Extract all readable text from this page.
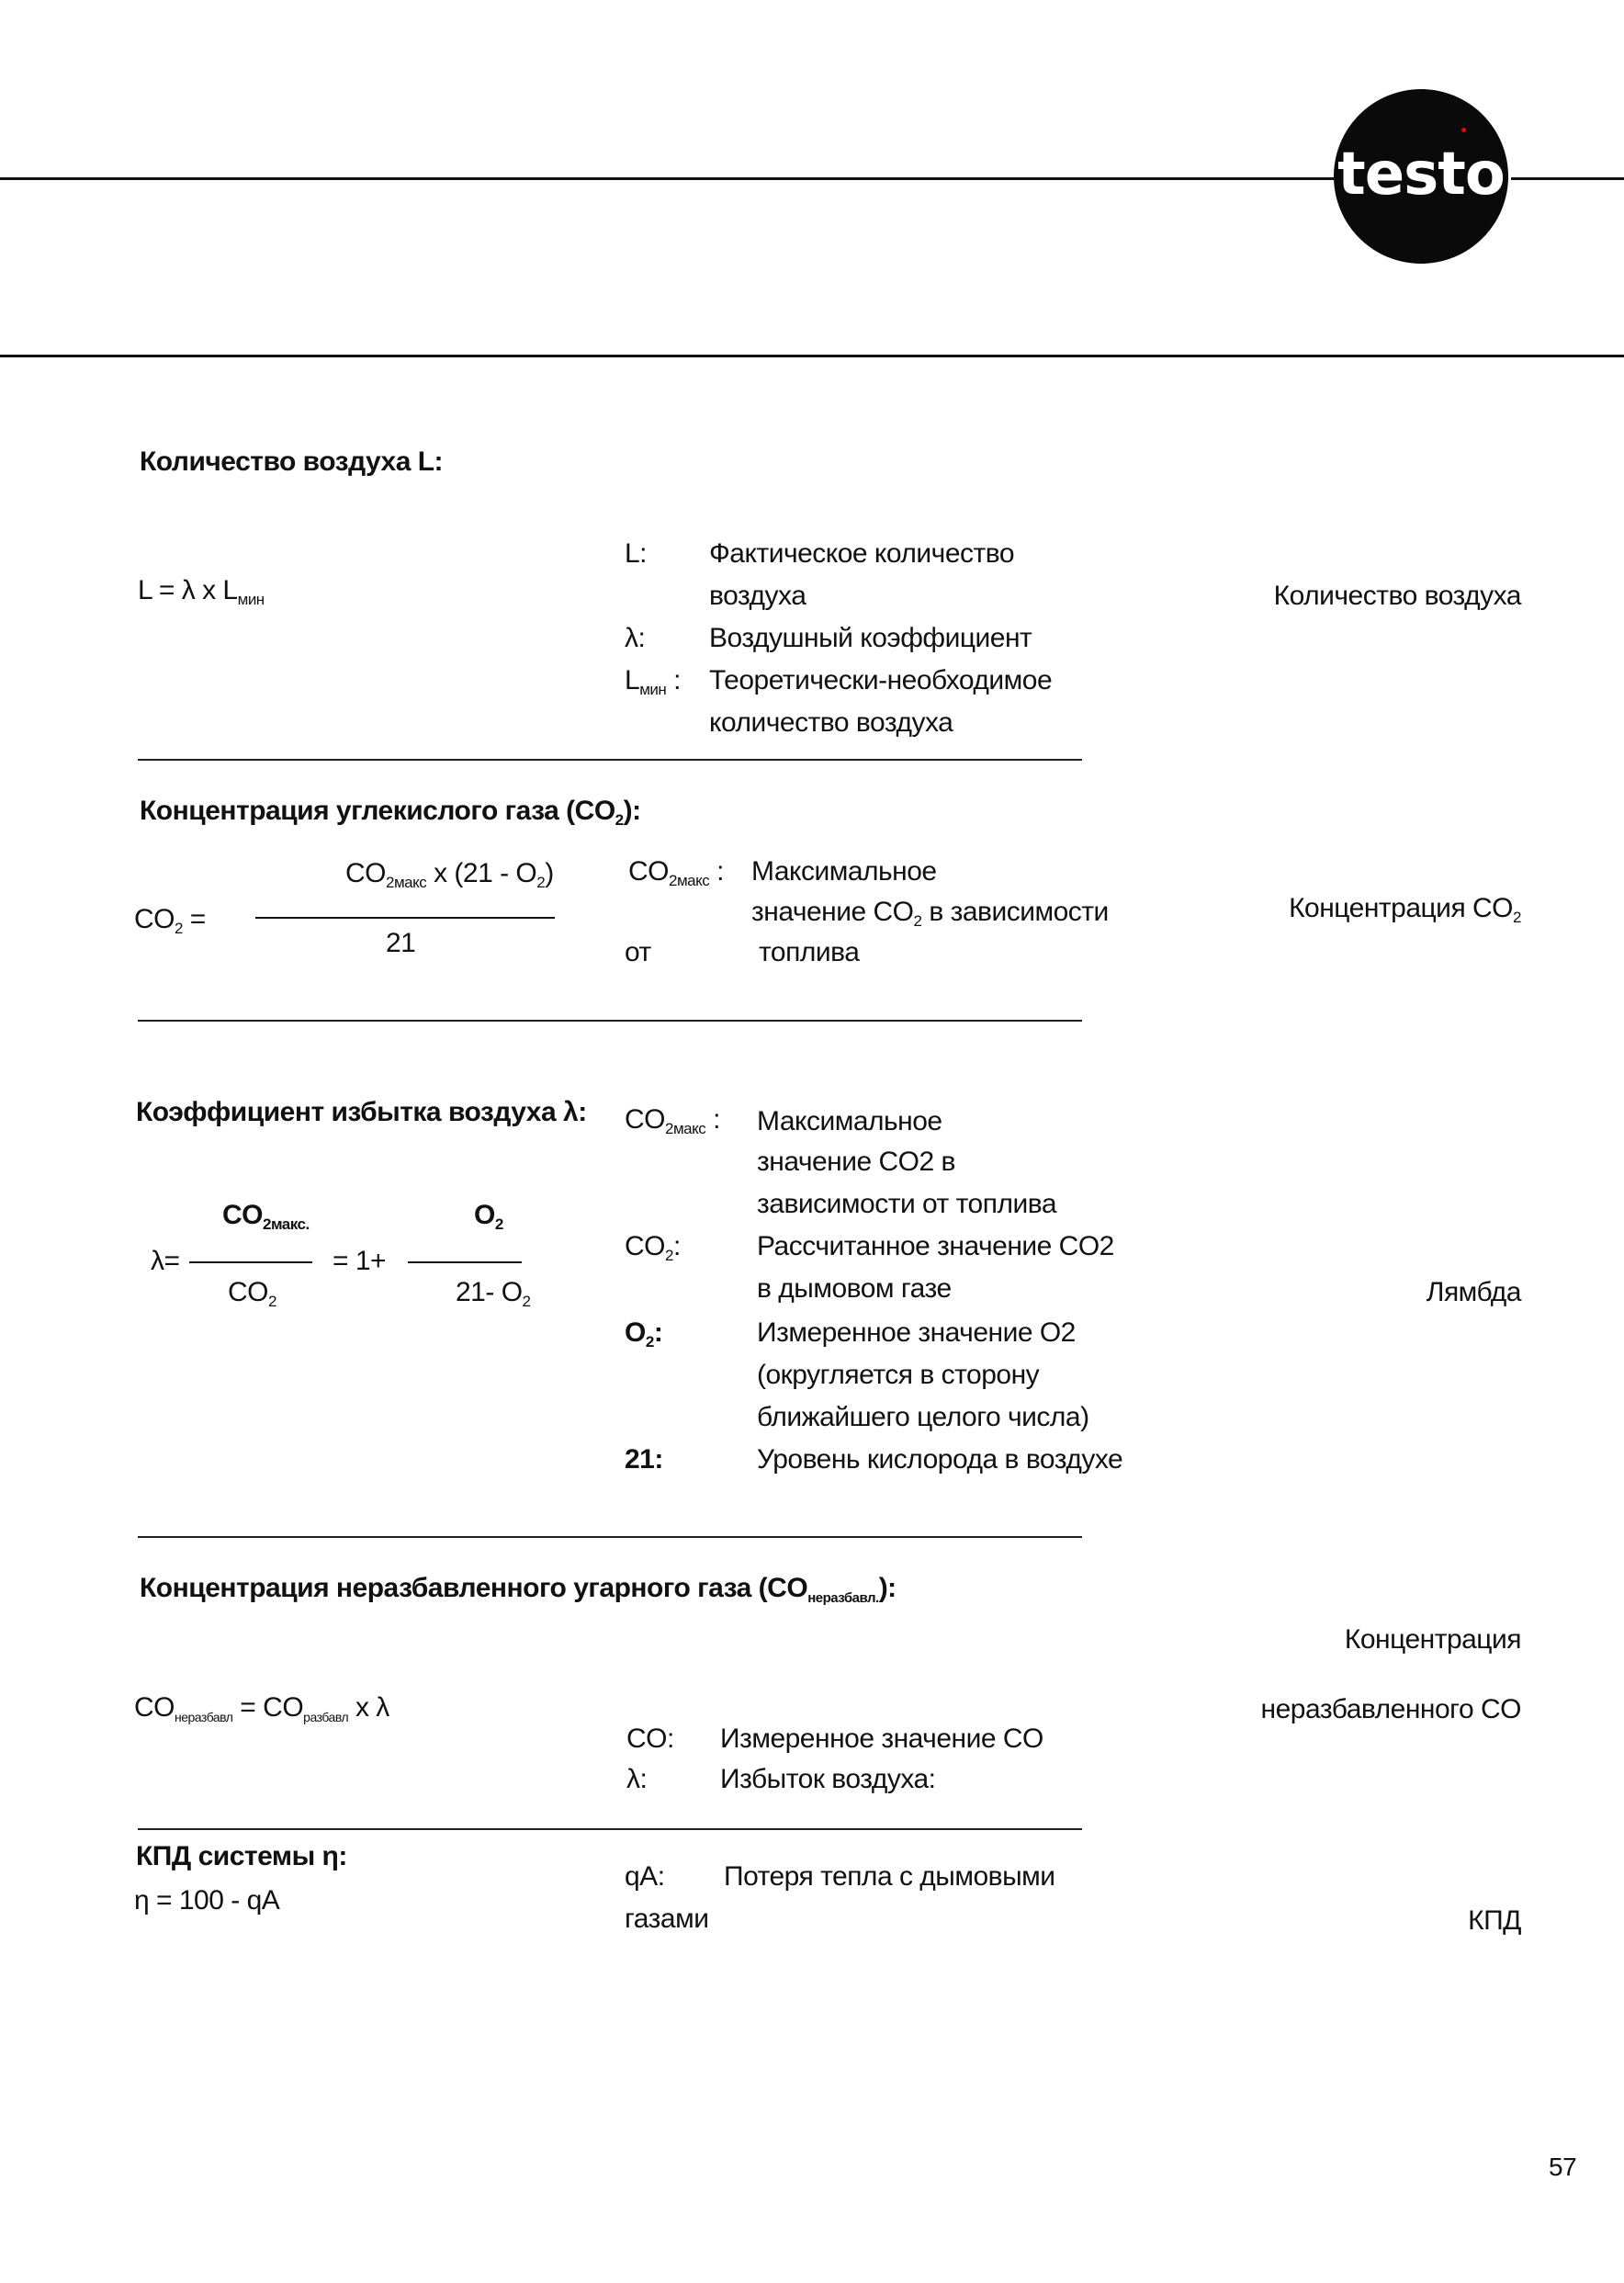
testo
Количество воздуха L:
L = λ x $L_{мин}$
L: Фактическое количество
воздуха
λ: Воздушный коэффициент
$L_{мин}$ : Теоретически-необходимое
количество воздуха
Количество воздуха
Концентрация углекислого газа $(CO_2)$:
$CO_2$ =
$CO_{2макс}$ x $(21 - O_2)$
21
$CO_{2макс}$ : Максимальное
значение $CO_2$ в зависимости
от	топлива
Концентрация $CO_2$
Коэффициент избытка воздуха λ:
$CO_{2макс.}$	$O_2$
λ=	= 1+
$CO_2$	21- $O_2$
$CO_{2макс}$ : Максимальное
значение CO2 в
зависимости от топлива
$CO_2$:	Рассчитанное значение CO2
в дымовом газе
$O_2$:	Измеренное значение O2
(округляется в сторону
ближайшего целого числа)
21:	Уровень кислорода в воздухе
Лямбда
Концентрация неразбавленного угарного газа $(CO_{неразбавл.})$:
$CO_{неразбавл} = CO_{разбавл}$ x λ
CO: Измеренное значение CO
λ:	Избыток воздуха:
Концентрация
неразбавленного CO
КПД системы η:
η = 100 - qA
qA: Потеря тепла с дымовыми
газами	КПД
57
